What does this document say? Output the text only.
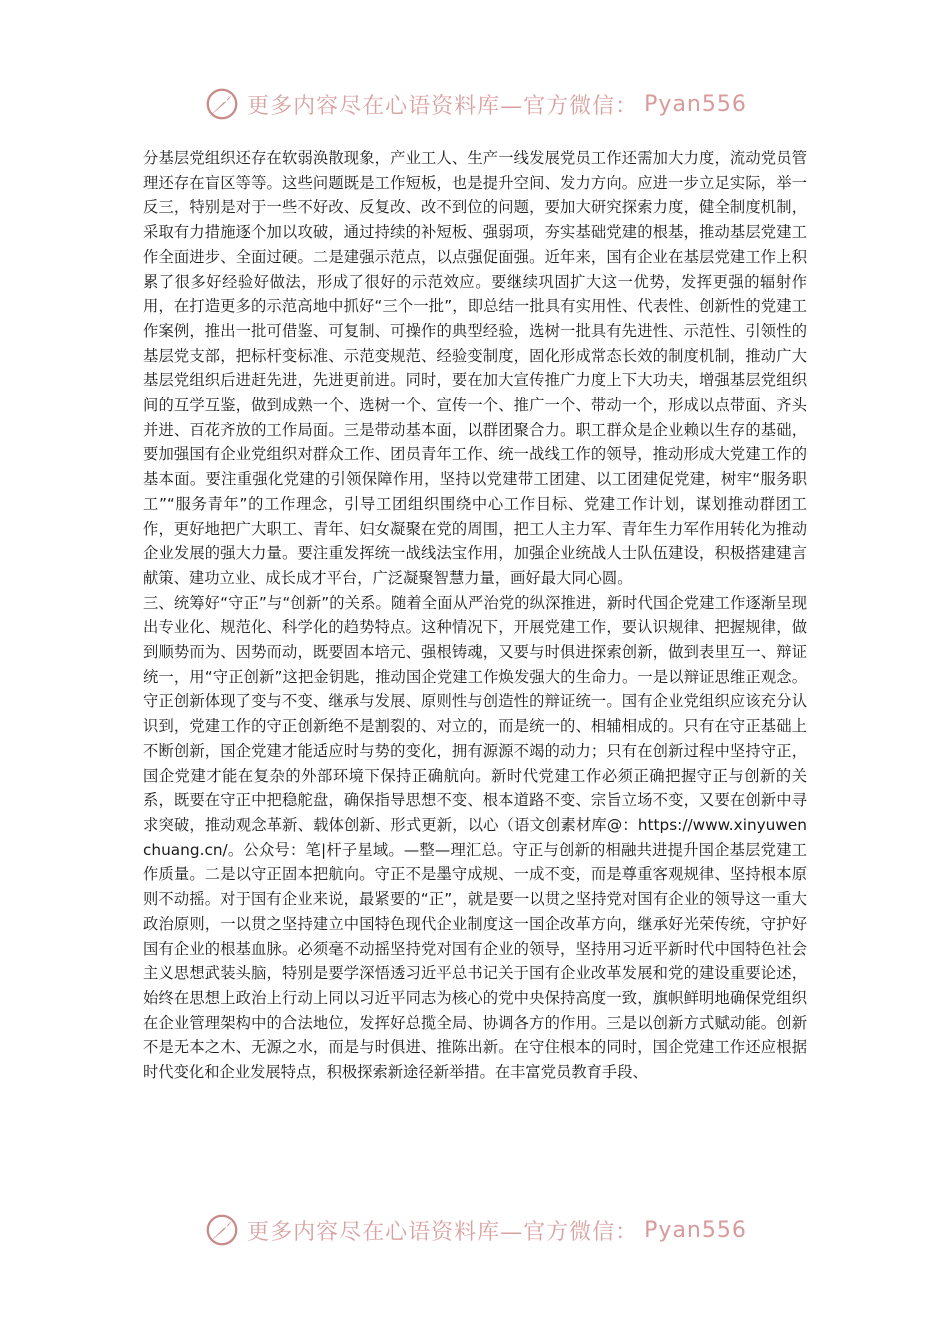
更多内容尽在心语资料库—官方微信： Pyan556

分基层党组织还存在软弱涣散现象，产业工人、生产一线发展党员工作还需加大力度，流动党员管理还存在盲区等等。这些问题既是工作短板，也是提升空间、发力方向。应进一步立足实际，举一反三，特别是对于一些不好改、反复改、改不到位的问题，要加大研究探索力度，健全制度机制，采取有力措施逐个加以攻破，通过持续的补短板、强弱项，夯实基础党建的根基，推动基层党建工作全面进步、全面过硬。二是建强示范点，以点强促面强。近年来，国有企业在基层党建工作上积累了很多好经验好做法，形成了很好的示范效应。要继续巩固扩大这一优势，发挥更强的辐射作用，在打造更多的示范高地中抓好“三个一批”，即总结一批具有实用性、代表性、创新性的党建工作案例，推出一批可借鉴、可复制、可操作的典型经验，选树一批具有先进性、示范性、引领性的基层党支部，把标杆变标准、示范变规范、经验变制度，固化形成常态长效的制度机制，推动广大基层党组织后进赶先进，先进更前进。同时，要在加大宣传推广力度上下大功夫，增强基层党组织间的互学互鉴，做到成熟一个、选树一个、宣传一个、推广一个、带动一个，形成以点带面、齐头并进、百花齐放的工作局面。三是带动基本面，以群团聚合力。职工群众是企业赖以生存的基础，要加强国有企业党组织对群众工作、团员青年工作、统一战线工作的领导，推动形成大党建工作的基本面。要注重强化党建的引领保障作用，坚持以党建带工团建、以工团建促党建，树牢“服务职工”“服务青年”的工作理念，引导工团组织围绕中心工作目标、党建工作计划，谋划推动群团工作，更好地把广大职工、青年、妇女凝聚在党的周围，把工人主力军、青年生力军作用转化为推动企业发展的强大力量。要注重发挥统一战线法宝作用，加强企业统战人士队伍建设，积极搭建建言献策、建功立业、成长成才平台，广泛凝聚智慧力量，画好最大同心圆。

三、统筹好“守正”与“创新”的关系。随着全面从严治党的纵深推进，新时代国企党建工作逐渐呈现出专业化、规范化、科学化的趋势特点。这种情况下，开展党建工作，要认识规律、把握规律，做到顺势而为、因势而动，既要固本培元、强根铸魂，又要与时俱进探索创新，做到表里互一、辩证统一，用“守正创新”这把金钥匙，推动国企党建工作焕发强大的生命力。一是以辩证思维正观念。守正创新体现了变与不变、继承与发展、原则性与创造性的辩证统一。国有企业党组织应该充分认识到，党建工作的守正创新绝不是割裂的、对立的，而是统一的、相辅相成的。只有在守正基础上不断创新，国企党建才能适应时与势的变化，拥有源源不竭的动力；只有在创新过程中坚持守正，国企党建才能在复杂的外部环境下保持正确航向。新时代党建工作必须正确把握守正与创新的关系，既要在守正中把稳舵盘，确保指导思想不变、根本道路不变、宗旨立场不变，又要在创新中寻求突破，推动观念革新、载体创新、形式更新，以心（语文创素材库@：https://www.xinyuwenchuang.cn/。公众号：笔|杆子星域。—整—理汇总。守正与创新的相融共进提升国企基层党建工作质量。二是以守正固本把航向。守正不是墨守成规、一成不变，而是尊重客观规律、坚持根本原则不动摇。对于国有企业来说，最紧要的“正”，就是要一以贯之坚持党对国有企业的领导这一重大政治原则，一以贯之坚持建立中国特色现代企业制度这一国企改革方向，继承好光荣传统，守护好国有企业的根基血脉。必须毫不动摇坚持党对国有企业的领导，坚持用习近平新时代中国特色社会主义思想武装头脑，特别是要学深悟透习近平总书记关于国有企业改革发展和党的建设重要论述，始终在思想上政治上行动上同以习近平同志为核心的党中央保持高度一致，旗帜鲜明地确保党组织在企业管理架构中的合法地位，发挥好总揽全局、协调各方的作用。三是以创新方式赋动能。创新不是无本之木、无源之水，而是与时俱进、推陈出新。在守住根本的同时，国企党建工作还应根据时代变化和企业发展特点，积极探索新途径新举措。在丰富党员教育手段、

更多内容尽在心语资料库—官方微信： Pyan556
